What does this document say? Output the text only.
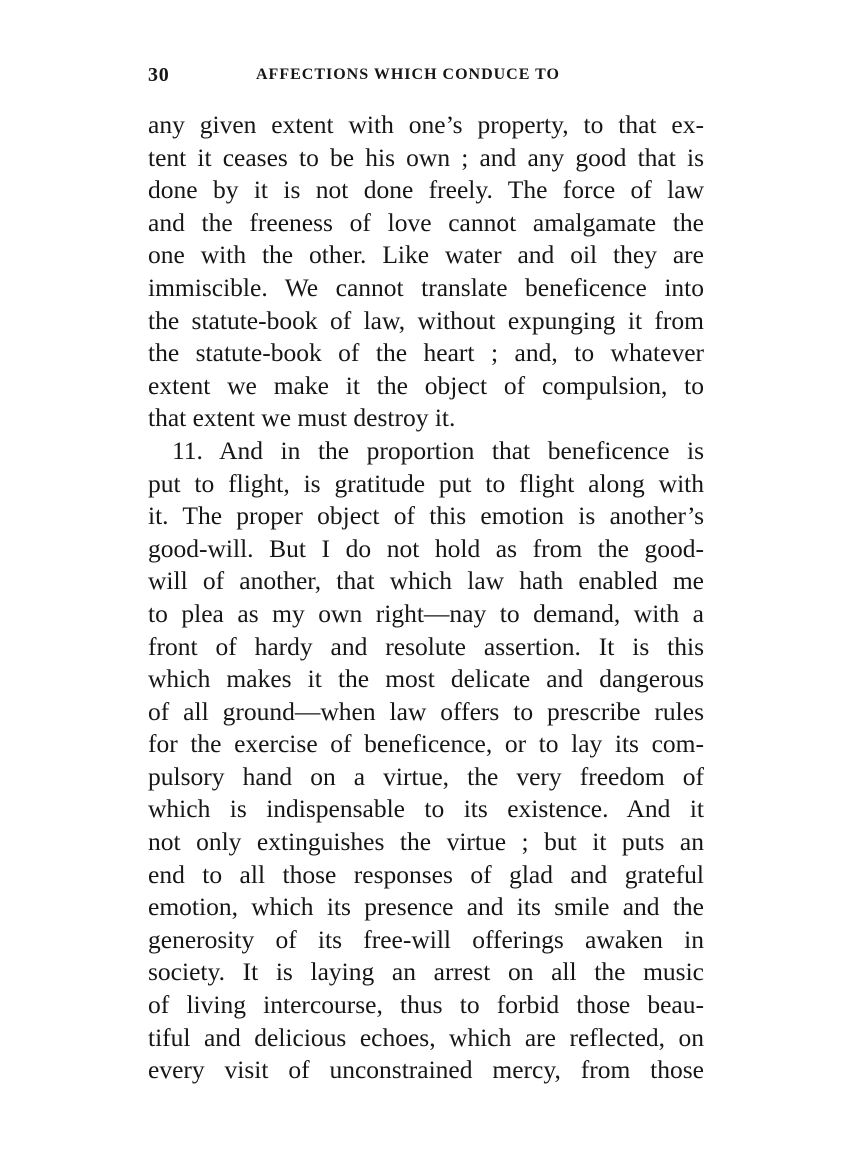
30	AFFECTIONS WHICH CONDUCE TO
any given extent with one’s property, to that ex-
tent it ceases to be his own ; and any good that is
done by it is not done freely. The force of law
and the freeness of love cannot amalgamate the
one with the other. Like water and oil they are
immiscible. We cannot translate beneficence into
the statute-book of law, without expunging it from
the statute-book of the heart ; and, to whatever
extent we make it the object of compulsion, to
that extent we must destroy it.
11. And in the proportion that beneficence is
put to flight, is gratitude put to flight along with
it. The proper object of this emotion is another’s
good-will. But I do not hold as from the good-
will of another, that which law hath enabled me
to plea as my own right—nay to demand, with a
front of hardy and resolute assertion. It is this
which makes it the most delicate and dangerous
of all ground—when law offers to prescribe rules
for the exercise of beneficence, or to lay its com-
pulsory hand on a virtue, the very freedom of
which is indispensable to its existence. And it
not only extinguishes the virtue ; but it puts an
end to all those responses of glad and grateful
emotion, which its presence and its smile and the
generosity of its free-will offerings awaken in
society. It is laying an arrest on all the music
of living intercourse, thus to forbid those beau-
tiful and delicious echoes, which are reflected, on
every visit of unconstrained mercy, from those
